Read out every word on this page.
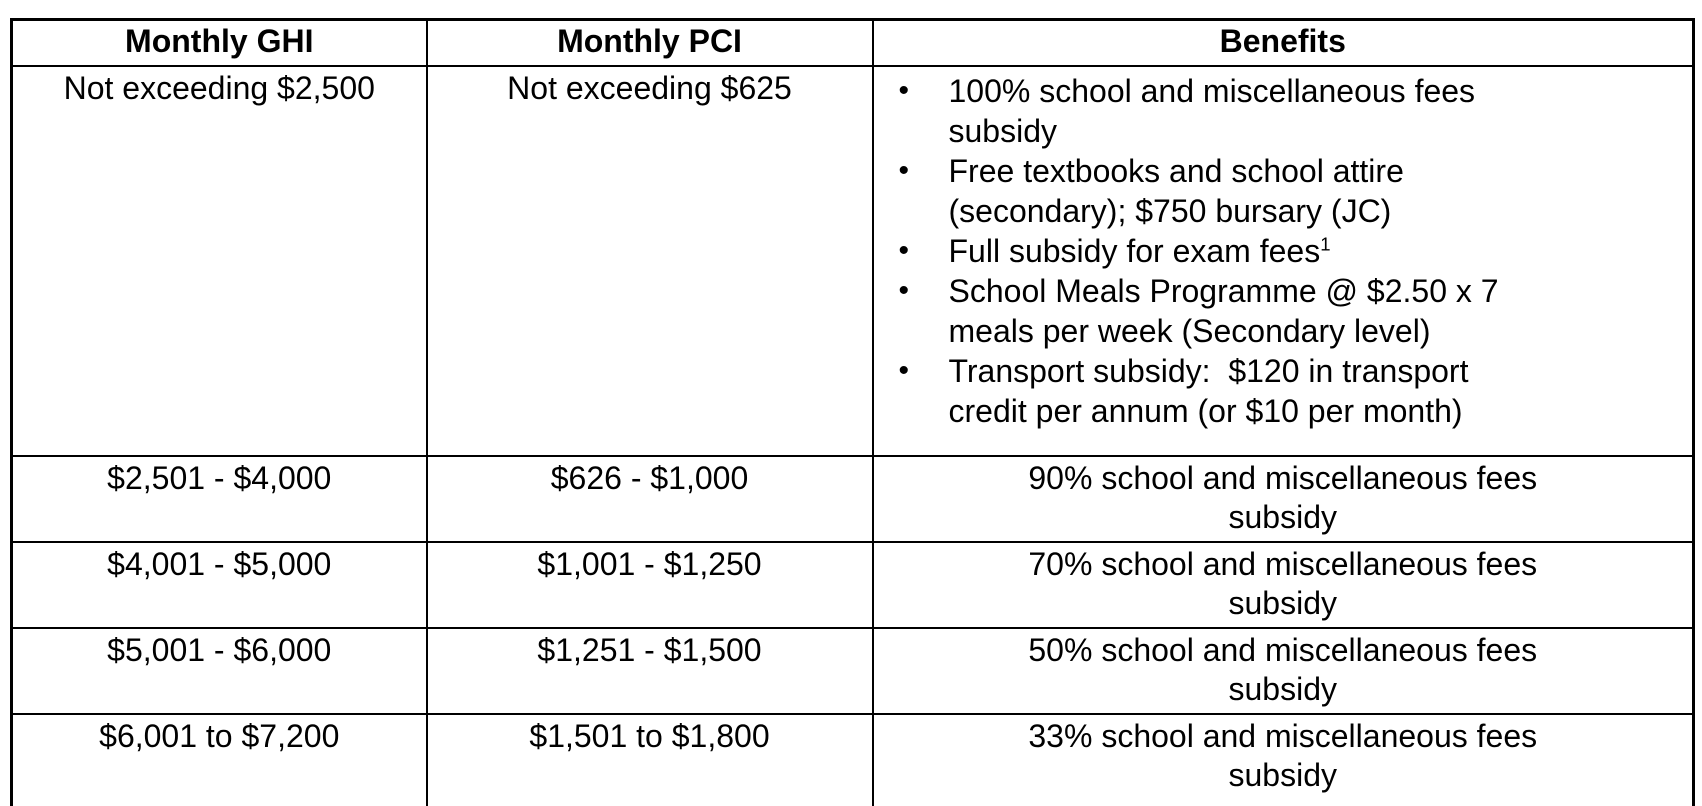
Monthly GHI	Monthly PCI	Benefits
Not exceeding $2,500	Not exceeding $625	•	100% school and miscellaneous fees subsidy
•	Free textbooks and school attire (secondary); $750 bursary (JC)
•	Full subsidy for exam fees$^1$
•	School Meals Programme @ $2.50 x 7 meals per week (Secondary level)
•	Transport subsidy:  $120 in transport credit per annum (or $10 per month)

$2,501 - $4,000	$626 - $1,000	90% school and miscellaneous fees subsidy

$4,001 - $5,000	$1,001 - $1,250	70% school and miscellaneous fees subsidy

$5,001 - $6,000	$1,251 - $1,500	50% school and miscellaneous fees subsidy

$6,001 to $7,200	$1,501 to $1,800	33% school and miscellaneous fees subsidy
